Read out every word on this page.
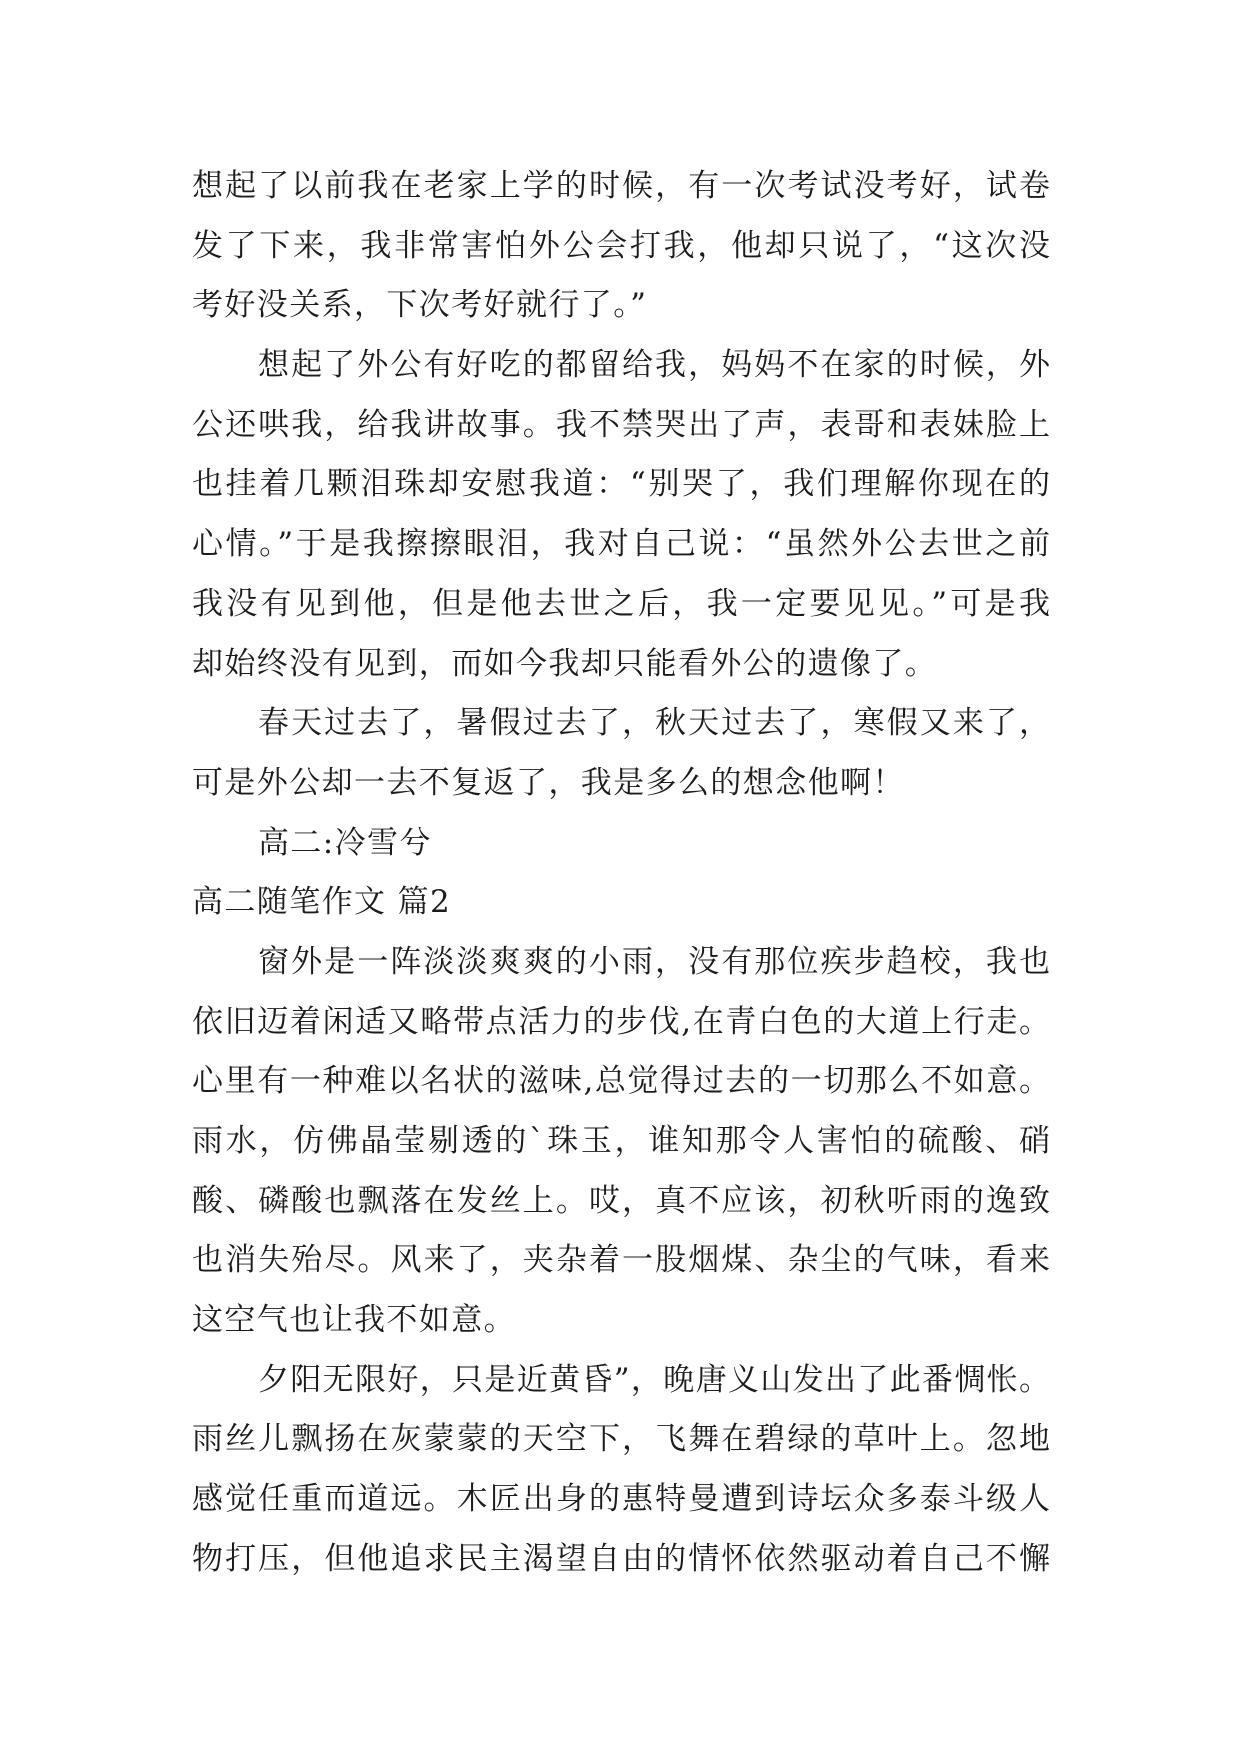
想起了以前我在老家上学的时候，有一次考试没考好，试卷
发了下来，我非常害怕外公会打我，他却只说了，“这次没
考好没关系，下次考好就行了。”
想起了外公有好吃的都留给我，妈妈不在家的时候，外
公还哄我，给我讲故事。我不禁哭出了声，表哥和表妹脸上
也挂着几颗泪珠却安慰我道：“别哭了，我们理解你现在的
心情。”于是我擦擦眼泪，我对自己说：“虽然外公去世之前
我没有见到他，但是他去世之后，我一定要见见。”可是我
却始终没有见到，而如今我却只能看外公的遗像了。
春天过去了，暑假过去了，秋天过去了，寒假又来了，
可是外公却一去不复返了，我是多么的想念他啊！
高二:冷雪兮
高二随笔作文 篇2
窗外是一阵淡淡爽爽的小雨，没有那位疾步趋校，我也
依旧迈着闲适又略带点活力的步伐,在青白色的大道上行走。
心里有一种难以名状的滋味,总觉得过去的一切那么不如意。
雨水，仿佛晶莹剔透的`珠玉，谁知那令人害怕的硫酸、硝
酸、磷酸也飘落在发丝上。哎，真不应该，初秋听雨的逸致
也消失殆尽。风来了，夹杂着一股烟煤、杂尘的气味，看来
这空气也让我不如意。
夕阳无限好，只是近黄昏”，晚唐义山发出了此番惆怅。
雨丝儿飘扬在灰蒙蒙的天空下，飞舞在碧绿的草叶上。忽地
感觉任重而道远。木匠出身的惠特曼遭到诗坛众多泰斗级人
物打压，但他追求民主渴望自由的情怀依然驱动着自己不懈
